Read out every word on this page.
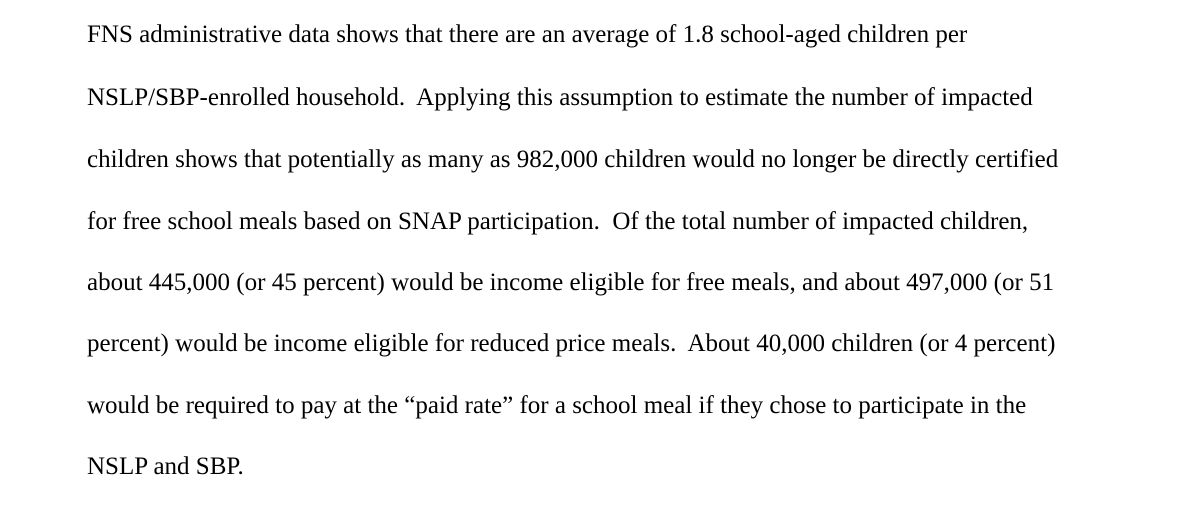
FNS administrative data shows that there are an average of 1.8 school-aged children per

NSLP/SBP-enrolled household.  Applying this assumption to estimate the number of impacted

children shows that potentially as many as 982,000 children would no longer be directly certified

for free school meals based on SNAP participation.  Of the total number of impacted children,

about 445,000 (or 45 percent) would be income eligible for free meals, and about 497,000 (or 51

percent) would be income eligible for reduced price meals.  About 40,000 children (or 4 percent)

would be required to pay at the “paid rate” for a school meal if they chose to participate in the

NSLP and SBP.
